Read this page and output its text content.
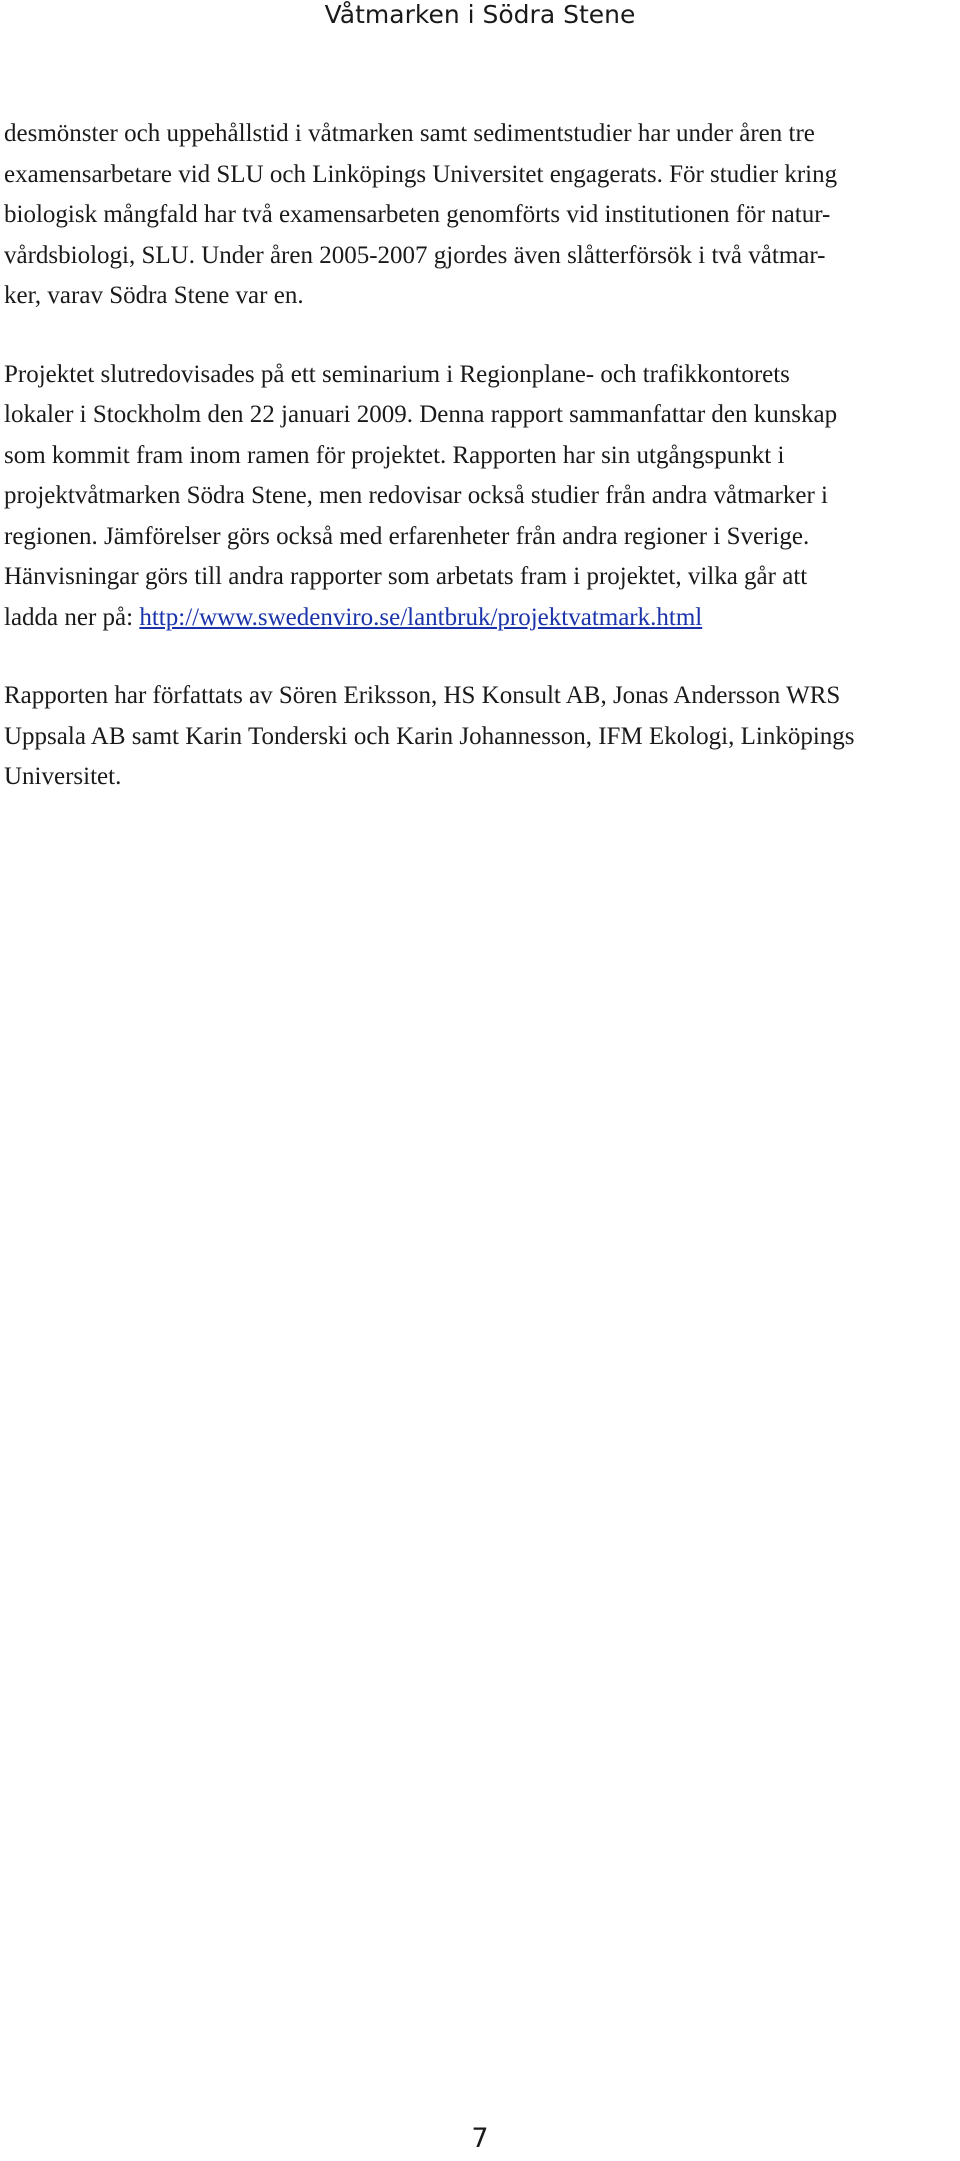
Våtmarken i Södra Stene

desmönster och uppehållstid i våtmarken samt sedimentstudier har under åren tre
examensarbetare vid SLU och Linköpings Universitet engagerats. För studier kring
biologisk mångfald har två examensarbeten genomförts vid institutionen för natur-
vårdsbiologi, SLU. Under åren 2005-2007 gjordes även slåtterförsök i två våtmar-
ker, varav Södra Stene var en.

Projektet slutredovisades på ett seminarium i Regionplane- och trafikkontorets
lokaler i Stockholm den 22 januari 2009. Denna rapport sammanfattar den kunskap
som kommit fram inom ramen för projektet. Rapporten har sin utgångspunkt i
projektvåtmarken Södra Stene, men redovisar också studier från andra våtmarker i
regionen. Jämförelser görs också med erfarenheter från andra regioner i Sverige.
Hänvisningar görs till andra rapporter som arbetats fram i projektet, vilka går att
ladda ner på: http://www.swedenviro.se/lantbruk/projektvatmark.html

Rapporten har författats av Sören Eriksson, HS Konsult AB, Jonas Andersson WRS
Uppsala AB samt Karin Tonderski och Karin Johannesson, IFM Ekologi, Linköpings
Universitet.

7
